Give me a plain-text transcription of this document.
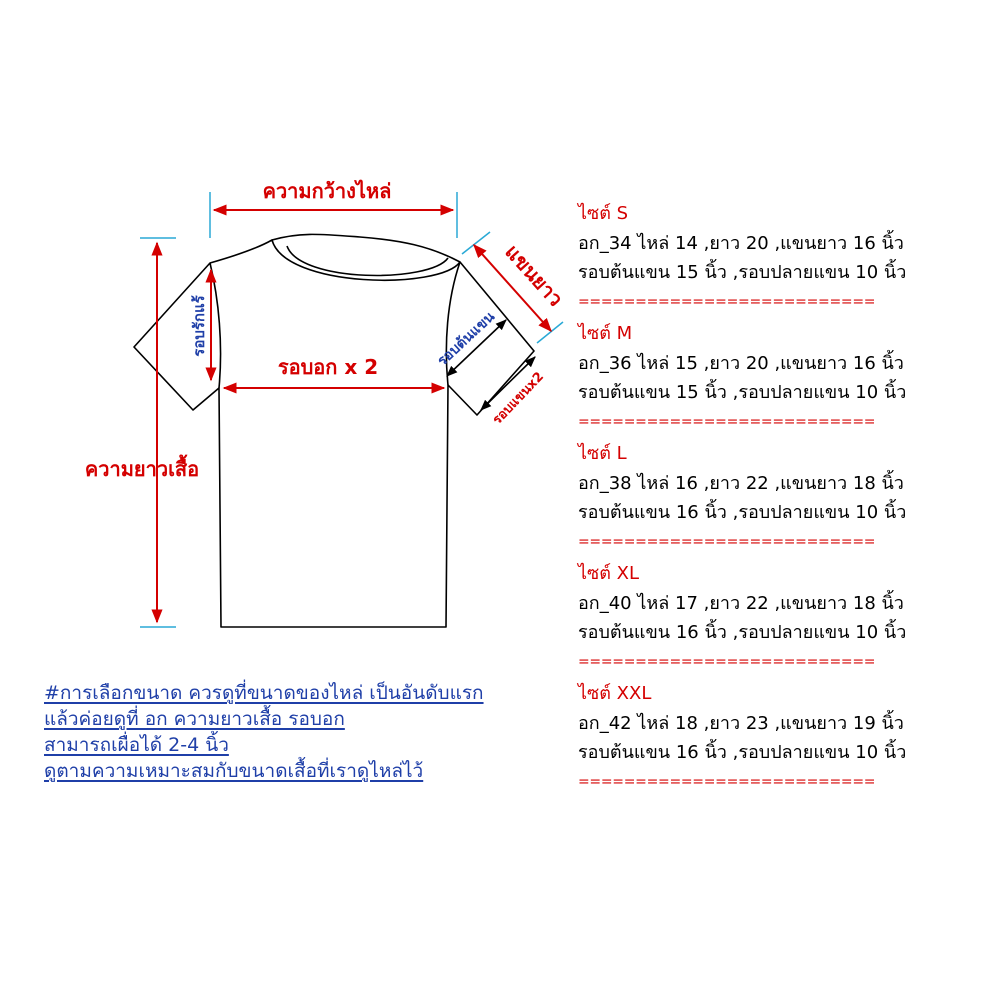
ความกว้างไหล่
ความยาวเสื้อ
รอบอก x 2
รอบรักแร้
แขนยาว
รอบต้นแขน
รอบแขนx2
ไซต์ S
อก_34 ไหล่ 14 ,ยาว 20 ,แขนยาว 16 นิ้ว
รอบต้นแขน 15 นิ้ว ,รอบปลายแขน 10 นิ้ว
==========================
ไซต์ M
อก_36 ไหล่ 15 ,ยาว 20 ,แขนยาว 16 นิ้ว
รอบต้นแขน 15 นิ้ว ,รอบปลายแขน 10 นิ้ว
==========================
ไซต์ L
อก_38 ไหล่ 16 ,ยาว 22 ,แขนยาว 18 นิ้ว
รอบต้นแขน 16 นิ้ว ,รอบปลายแขน 10 นิ้ว
==========================
ไซต์ XL
อก_40 ไหล่ 17 ,ยาว 22 ,แขนยาว 18 นิ้ว
รอบต้นแขน 16 นิ้ว ,รอบปลายแขน 10 นิ้ว
==========================
ไซต์ XXL
อก_42 ไหล่ 18 ,ยาว 23 ,แขนยาว 19 นิ้ว
รอบต้นแขน 16 นิ้ว ,รอบปลายแขน 10 นิ้ว
==========================
#การเลือกขนาด ควรดูที่ขนาดของไหล่ เป็นอันดับแรก
แล้วค่อยดูที่ อก ความยาวเสื้อ รอบอก
สามารถเผื่อได้ 2-4 นิ้ว
ดูตามความเหมาะสมกับขนาดเสื้อที่เราดูไหล่ไว้
